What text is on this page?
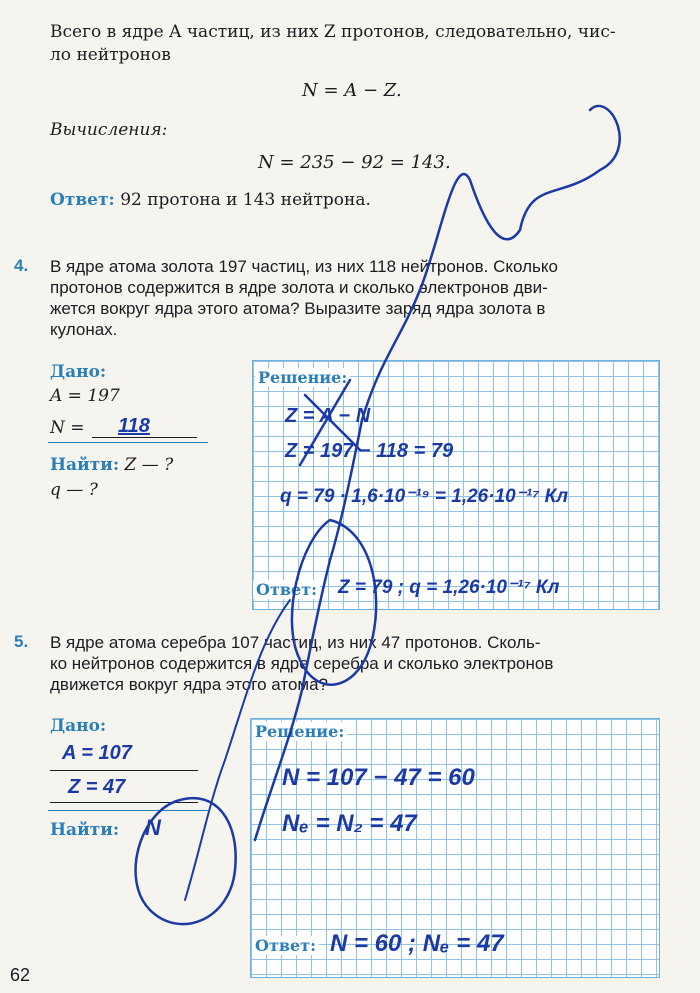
Всего в ядре A частиц, из них Z протонов, следовательно, чис-
ло нейтронов
N = A − Z.
Вычисления:
N = 235 − 92 = 143.
Ответ: 92 протона и 143 нейтрона.
4. В ядре атома золота 197 частиц, из них 118 нейтронов. Сколько
протонов содержится в ядре золота и сколько электронов дви-
жется вокруг ядра этого атома? Выразите заряд ядра золота в
кулонах.
Дано:
A = 197
N = 118
Найти: Z — ?
q — ?
Решение:
Z = A − N
Z = 197 − 118 = 79
q = 79 · 1,6·10⁻¹⁹ = 1,26·10⁻¹⁷ Кл
Ответ: Z = 79 ; q = 1,26·10⁻¹⁷ Кл
5. В ядре атома серебра 107 частиц, из них 47 протонов. Сколь-
ко нейтронов содержится в ядре серебра и сколько электронов
движется вокруг ядра этого атома?
Дано:
A = 107
Z = 47
Найти: N
Решение:
N = 107 − 47 = 60
Nₑ = N₂ = 47
Ответ: N = 60 ; Nₑ = 47
62
